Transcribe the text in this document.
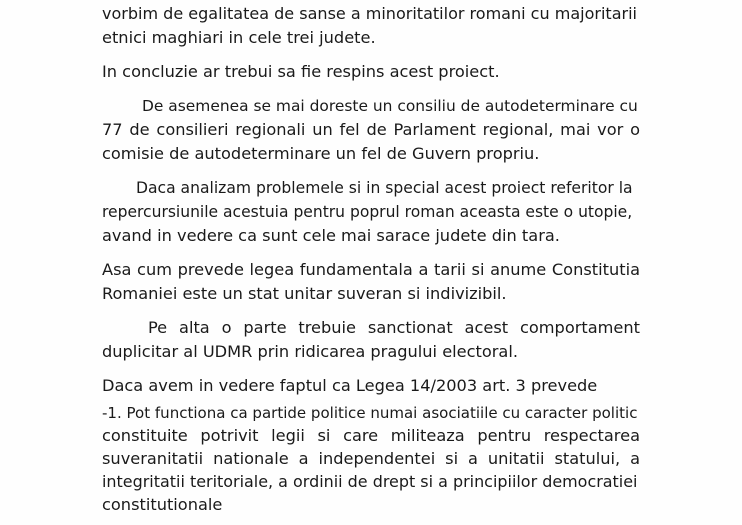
vorbim de egalitatea de sanse a minoritatilor romani cu majoritarii
etnici maghiari in cele trei judete.
In concluzie ar trebui sa fie respins acest proiect.
De asemenea se mai doreste un consiliu de autodeterminare cu
77 de consilieri regionali un fel de Parlament regional, mai vor o
comisie de autodeterminare un fel de Guvern propriu.
Daca analizam problemele si in special acest proiect referitor la
repercursiunile acestuia pentru poprul roman aceasta este o utopie,
avand in vedere ca sunt cele mai sarace judete din tara.
Asa cum prevede legea fundamentala a tarii si anume Constitutia
Romaniei este un stat unitar suveran si indivizibil.
Pe alta o parte trebuie sanctionat acest comportament
duplicitar al UDMR prin ridicarea pragului electoral.
Daca avem in vedere faptul ca Legea 14/2003 art. 3 prevede
-1. Pot functiona ca partide politice numai asociatiile cu caracter politic
constituite potrivit legii si care militeaza pentru respectarea
suveranitatii nationale a independentei si a unitatii statului, a
integritatii teritoriale, a ordinii de drept si a principiilor democratiei
constitutionale
